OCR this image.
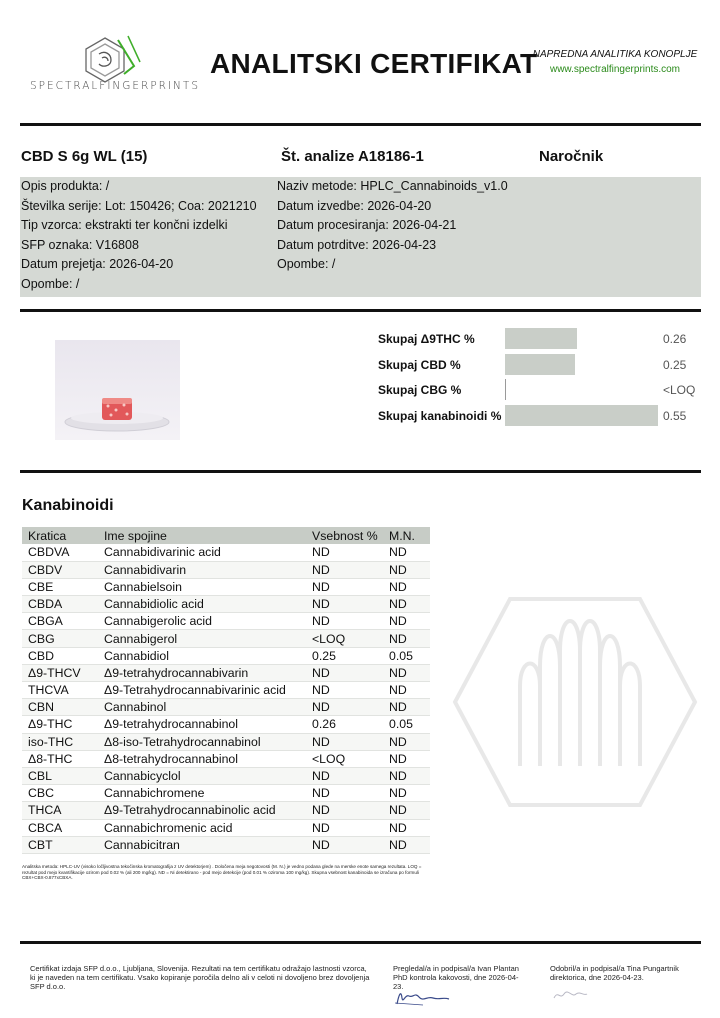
SPECTRALFINGERPRINTS
ANALITSKI CERTIFIKAT
NAPREDNA ANALITIKA KONOPLJE
www.spectralfingerprints.com
CBD S 6g WL (15)	Št. analize A18186-1	Naročnik
Opis produkta: /
Številka serije: Lot: 150426; Coa: 2021210
Tip vzorca: ekstrakti ter končni izdelki
SFP oznaka: V16808
Datum prejetja: 2026-04-20
Opombe: /
Naziv metode: HPLC_Cannabinoids_v1.0
Datum izvedbe: 2026-04-20
Datum procesiranja: 2026-04-21
Datum potrditve: 2026-04-23
Opombe: /
Skupaj Δ9THC %	0.26
Skupaj CBD %	0.25
Skupaj CBG %	<LOQ
Skupaj kanabinoidi %	0.55
Kanabinoidi
Kratica	Ime spojine	Vsebnost %	M.N.
CBDVA	Cannabidivarinic acid	ND	ND
CBDV	Cannabidivarin	ND	ND
CBE	Cannabielsoin	ND	ND
CBDA	Cannabidiolic acid	ND	ND
CBGA	Cannabigerolic acid	ND	ND
CBG	Cannabigerol	<LOQ	ND
CBD	Cannabidiol	0.25	0.05
Δ9-THCV	Δ9-tetrahydrocannabivarin	ND	ND
THCVA	Δ9-Tetrahydrocannabivarinic acid	ND	ND
CBN	Cannabinol	ND	ND
Δ9-THC	Δ9-tetrahydrocannabinol	0.26	0.05
iso-THC	Δ8-iso-Tetrahydrocannabinol	ND	ND
Δ8-THC	Δ8-tetrahydrocannabinol	<LOQ	ND
CBL	Cannabicyclol	ND	ND
CBC	Cannabichromene	ND	ND
THCA	Δ9-Tetrahydrocannabinolic acid	ND	ND
CBCA	Cannabichromenic acid	ND	ND
CBT	Cannabicitran	ND	ND
Analitska metoda: HPLC-UV (visoko ločljivostna tekočinska kromatografija z UV detektorjem) . Določena meja negotovosti (M. N.) je vedno podana glede na merske enote samega rezultata. LOQ = rezultat pod mejo kvantifikacije ozirom pod 0.02 % (ali 200 mg/kg). ND = Ni detektirano - pod mejo detekcije (pod 0.01 % oziroma 100 mg/kg). Skupna vsebnost kanabinoida se izračuna po formuli CBX+CBX-0.877xCBXA.
Certifikat izdaja SFP d.o.o., Ljubljana, Slovenija. Rezultati na tem certifikatu odražajo lastnosti vzorca, ki je naveden na tem certifikatu. Vsako kopiranje poročila delno ali v celoti ni dovoljeno brez dovoljenja SFP d.o.o.
Pregledal/a in podpisal/a Ivan Plantan PhD kontrola kakovosti, dne 2026-04-23.
Odobril/a in podpisal/a Tina Pungartnik direktorica, dne 2026-04-23.
